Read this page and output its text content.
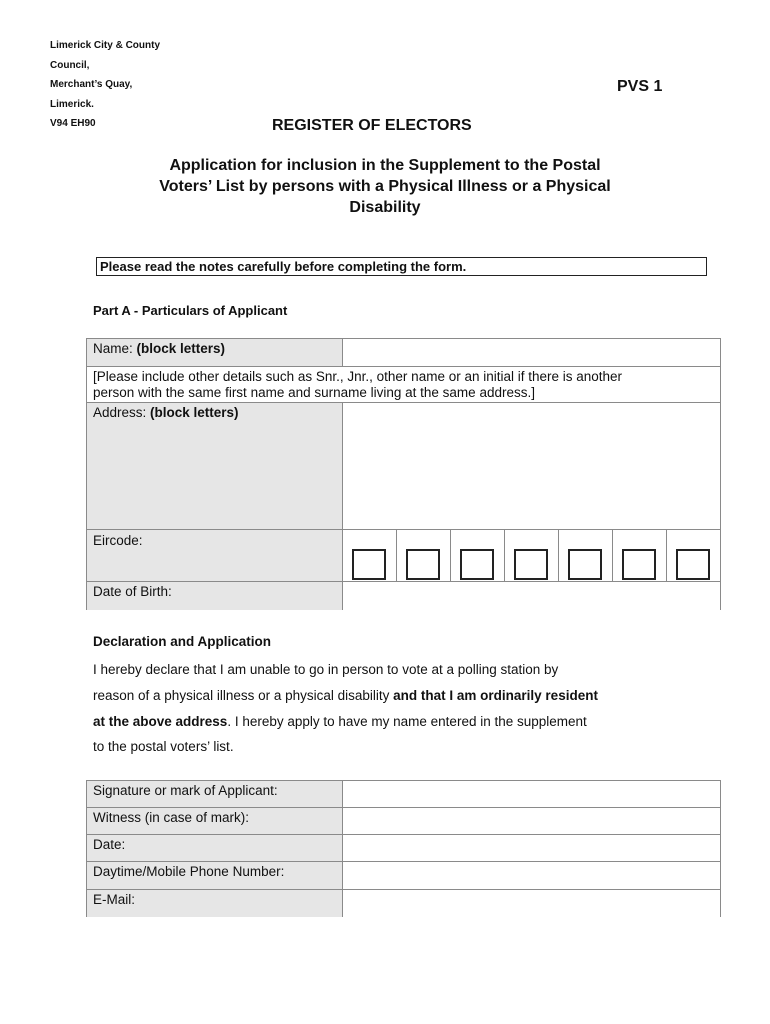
Limerick City & County
Council,
Merchant’s Quay,
Limerick.
V94 EH90
PVS 1
REGISTER OF ELECTORS
Application for inclusion in the Supplement to the Postal
Voters’ List by persons with a Physical Illness or a Physical
Disability
Please read the notes carefully before completing the form.
Part A - Particulars of Applicant
Name: (block letters)
[Please include other details such as Snr., Jnr., other name or an initial if there is another
person with the same first name and surname living at the same address.]
Address: (block letters)
Eircode:
Date of Birth:
Declaration and Application
I hereby declare that I am unable to go in person to vote at a polling station by
reason of a physical illness or a physical disability and that I am ordinarily resident
at the above address. I hereby apply to have my name entered in the supplement
to the postal voters’ list.
Signature or mark of Applicant:
Witness (in case of mark):
Date:
Daytime/Mobile Phone Number:
E-Mail:
